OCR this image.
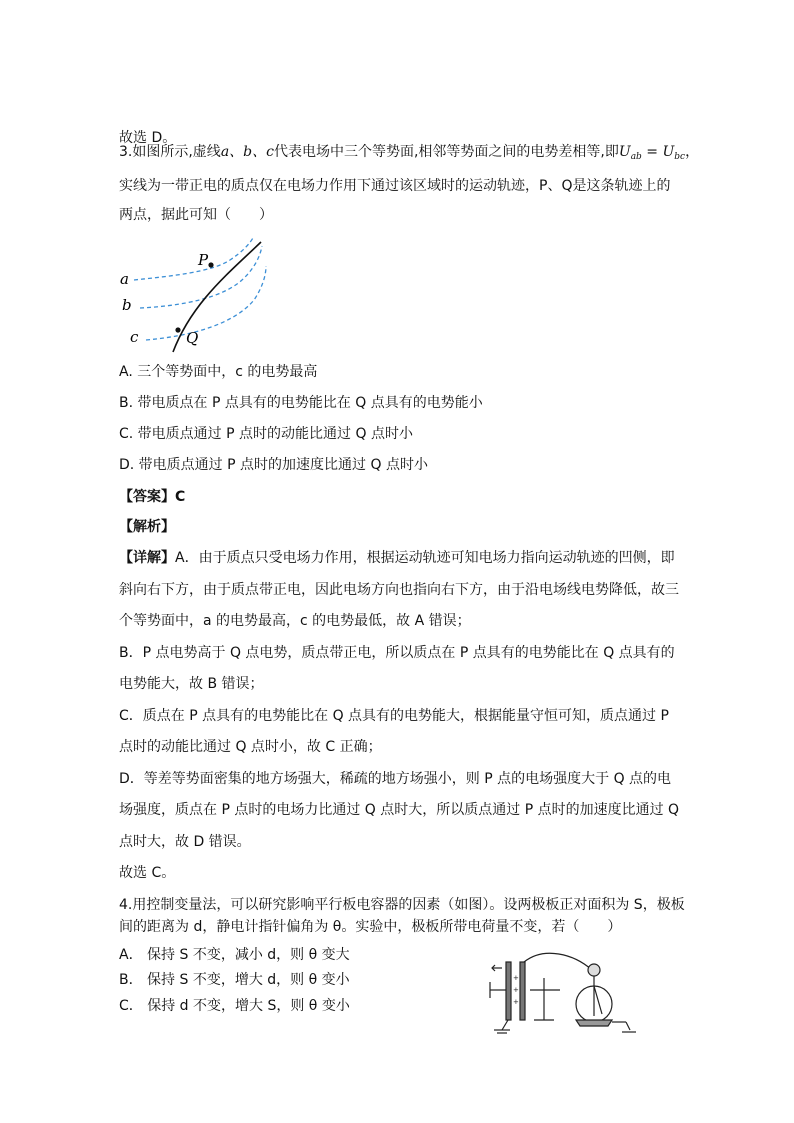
故选 D。
3.如图所示,虚线a、b、c代表电场中三个等势面,相邻等势面之间的电势差相等,即$U_{ab} = U_{bc}$，
实线为一带正电的质点仅在电场力作用下通过该区域时的运动轨迹，P、Q是这条轨迹上的
两点，据此可知（　　）
a
b
c
P
Q
A. 三个等势面中，c 的电势最高
B. 带电质点在 P 点具有的电势能比在 Q 点具有的电势能小
C. 带电质点通过 P 点时的动能比通过 Q 点时小
D. 带电质点通过 P 点时的加速度比通过 Q 点时小
【答案】C
【解析】
【详解】A．由于质点只受电场力作用，根据运动轨迹可知电场力指向运动轨迹的凹侧，即
斜向右下方，由于质点带正电，因此电场方向也指向右下方，由于沿电场线电势降低，故三
个等势面中，a 的电势最高，c 的电势最低，故 A 错误；
B．P 点电势高于 Q 点电势，质点带正电，所以质点在 P 点具有的电势能比在 Q 点具有的
电势能大，故 B 错误；
C．质点在 P 点具有的电势能比在 Q 点具有的电势能大，根据能量守恒可知，质点通过 P
点时的动能比通过 Q 点时小，故 C 正确；
D．等差等势面密集的地方场强大，稀疏的地方场强小，则 P 点的电场强度大于 Q 点的电
场强度，质点在 P 点时的电场力比通过 Q 点时大，所以质点通过 P 点时的加速度比通过 Q
点时大，故 D 错误。
故选 C。
4.用控制变量法，可以研究影响平行板电容器的因素（如图）。设两极板正对面积为 S，极板
间的距离为 d，静电计指针偏角为 θ。实验中，极板所带电荷量不变，若（　　）
A． 保持 S 不变，减小 d，则 θ 变大
B． 保持 S 不变，增大 d，则 θ 变小
C． 保持 d 不变，增大 S，则 θ 变小
+
+
+
